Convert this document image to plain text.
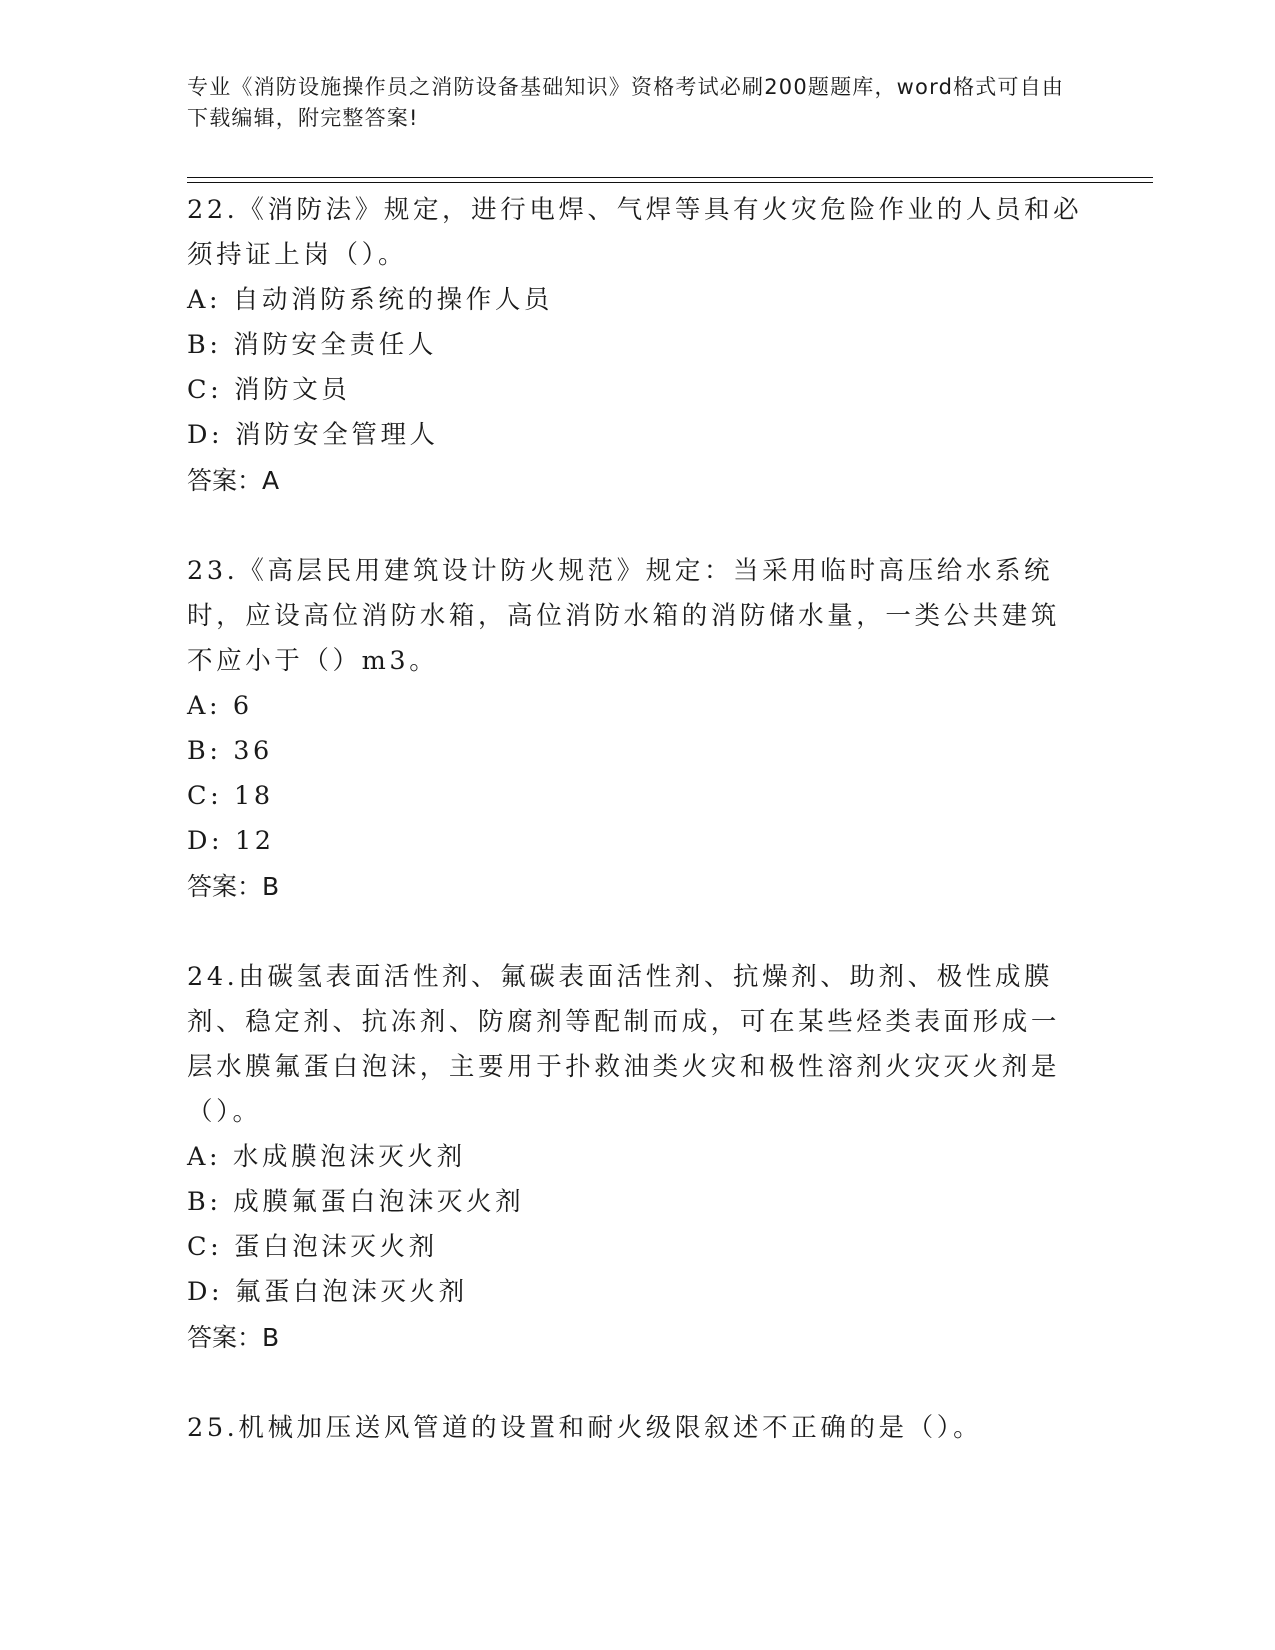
专业《消防设施操作员之消防设备基础知识》资格考试必刷200题题库，word格式可自由下载编辑，附完整答案!

22.《消防法》规定，进行电焊、气焊等具有火灾危险作业的人员和必须持证上岗（）。

A: 自动消防系统的操作人员

B: 消防安全责任人

C: 消防文员

D: 消防安全管理人

答案：A

23.《高层民用建筑设计防火规范》规定：当采用临时高压给水系统时，应设高位消防水箱，高位消防水箱的消防储水量，一类公共建筑不应小于（）m3。

A: 6

B: 36

C: 18

D: 12

答案：B

24.由碳氢表面活性剂、氟碳表面活性剂、抗燥剂、助剂、极性成膜剂、稳定剂、抗冻剂、防腐剂等配制而成，可在某些烃类表面形成一层水膜氟蛋白泡沫，主要用于扑救油类火灾和极性溶剂火灾灭火剂是（）。

A: 水成膜泡沫灭火剂

B: 成膜氟蛋白泡沫灭火剂

C: 蛋白泡沫灭火剂

D: 氟蛋白泡沫灭火剂

答案：B

25.机械加压送风管道的设置和耐火级限叙述不正确的是（）。
